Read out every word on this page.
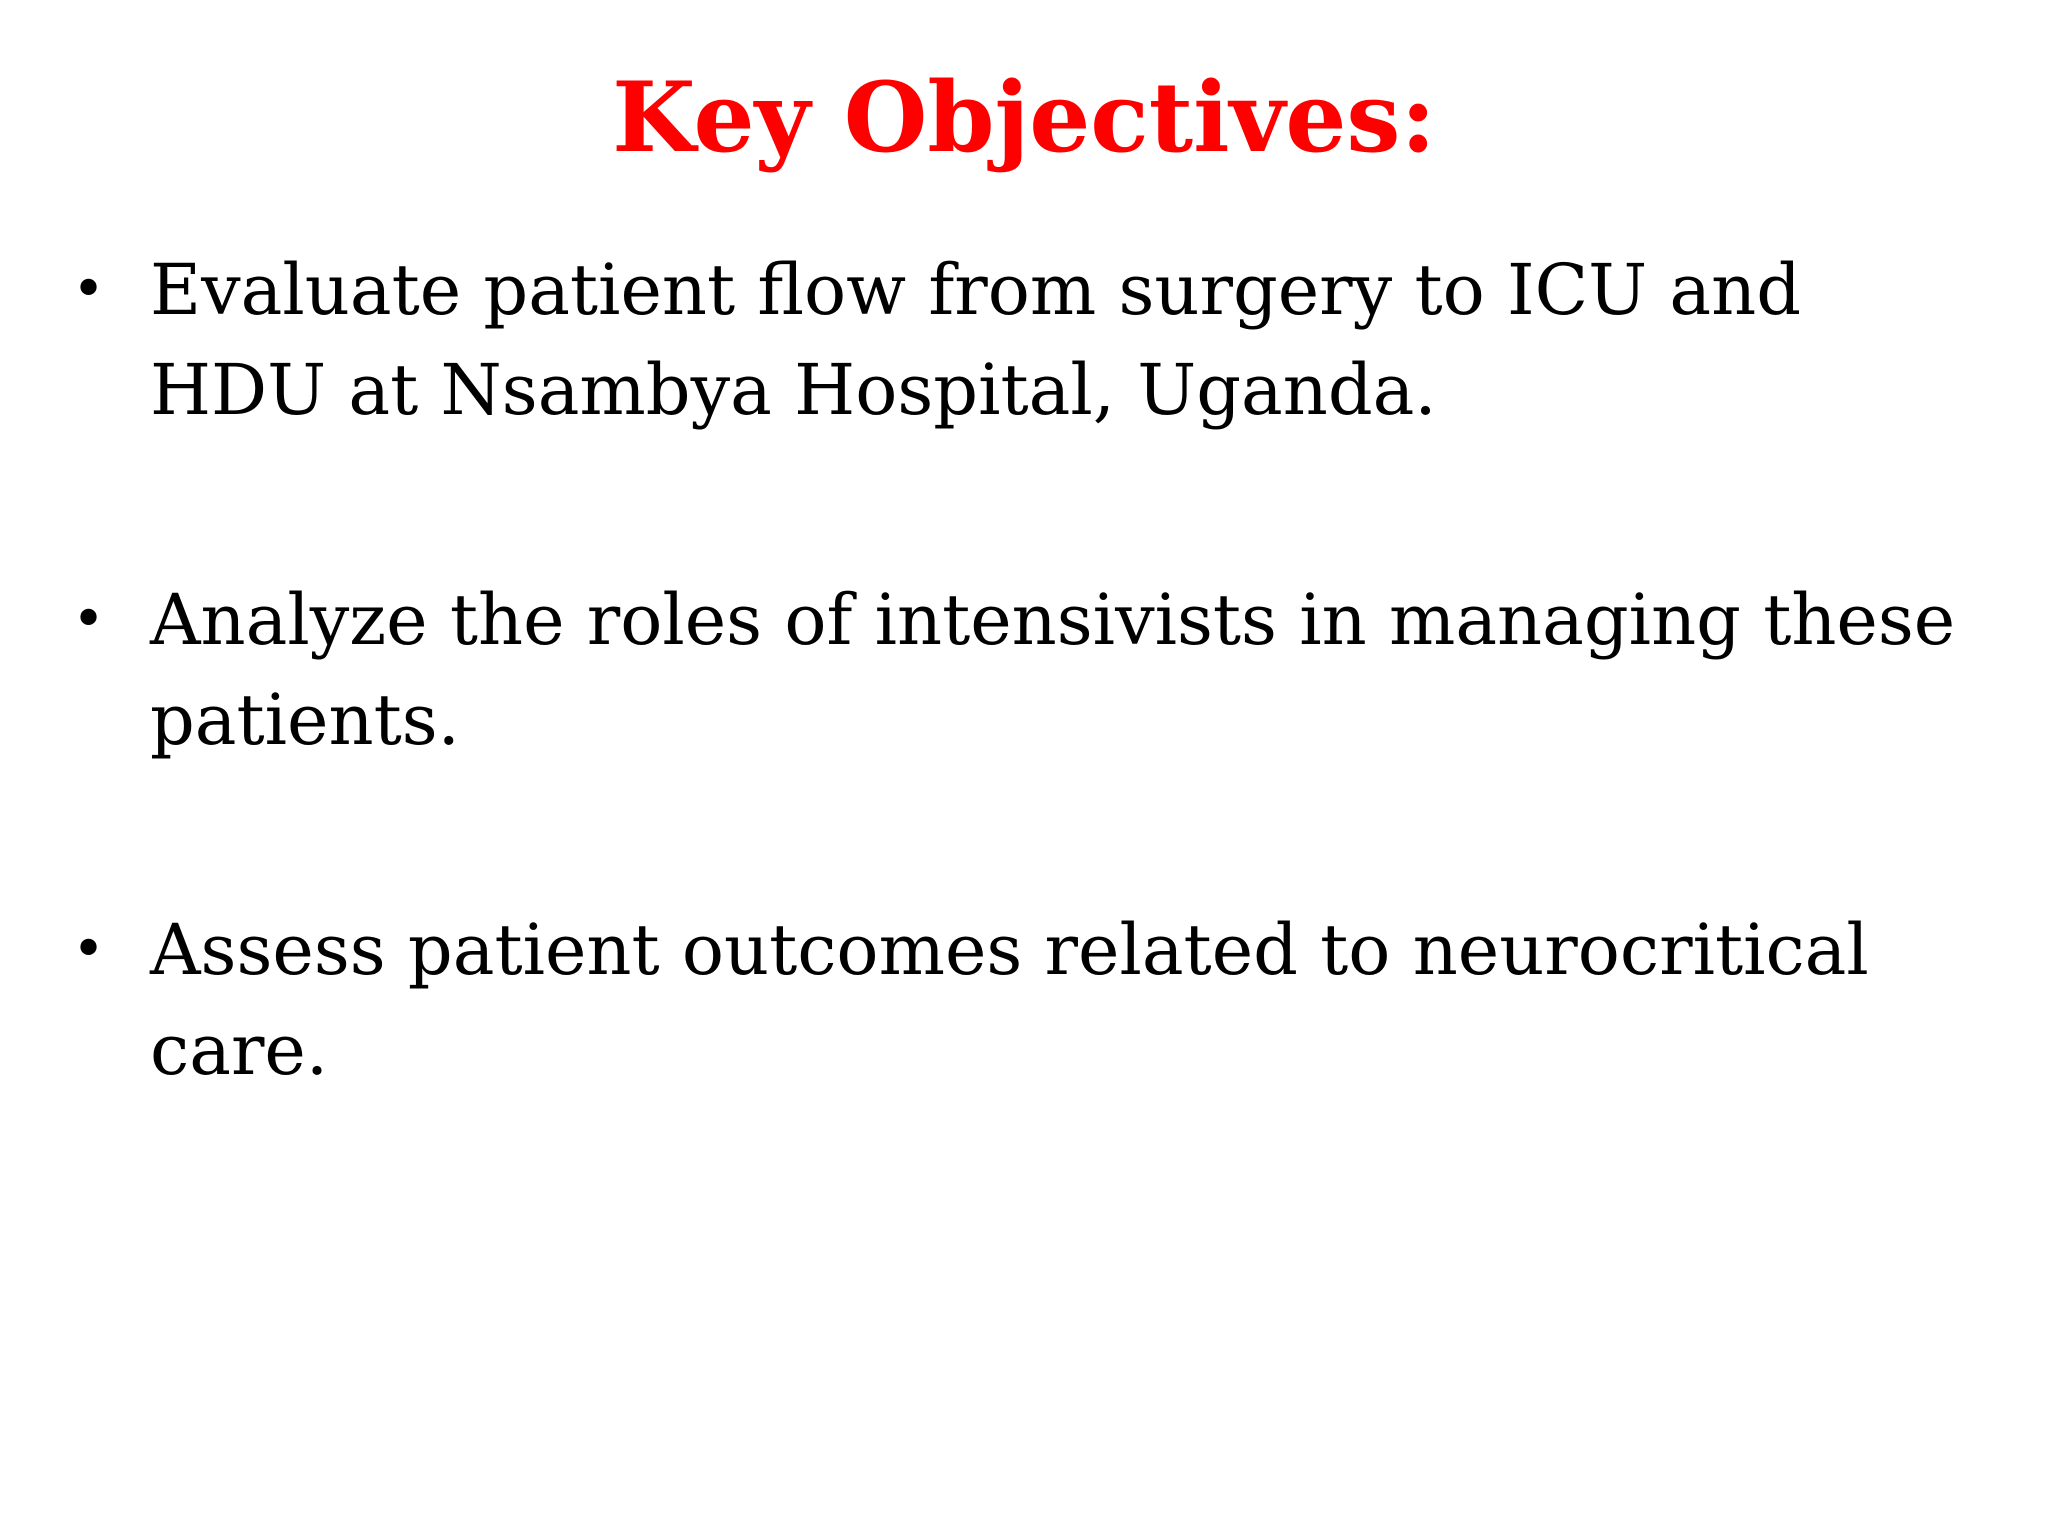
Key Objectives:
• Evaluate patient flow from surgery to ICU and HDU at Nsambya Hospital, Uganda.
• Analyze the roles of intensivists in managing these patients.
• Assess patient outcomes related to neurocritical care.
